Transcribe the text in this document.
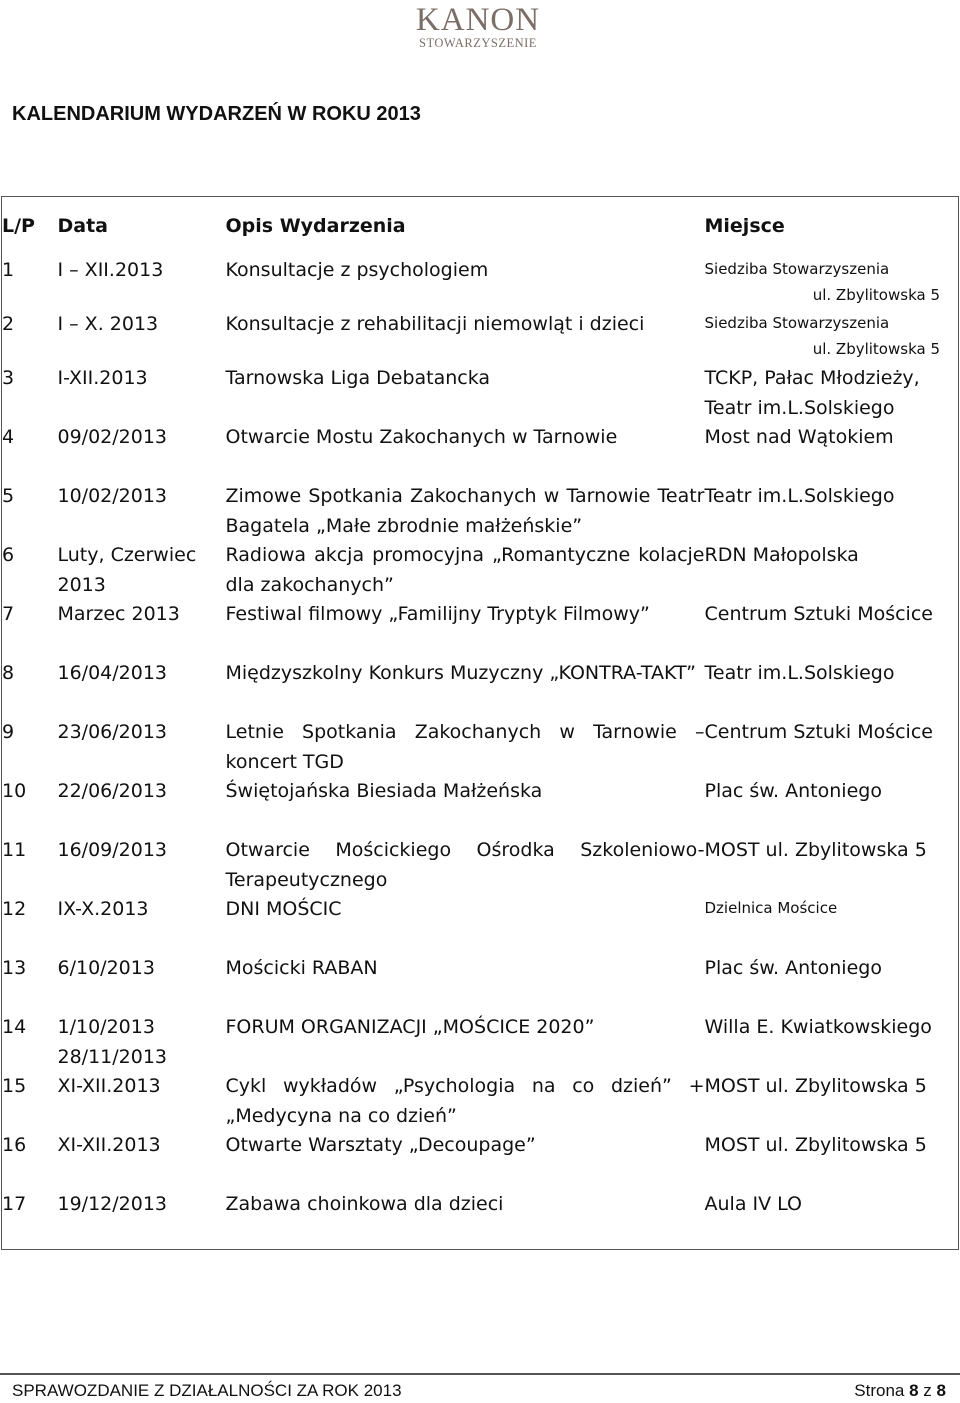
KANON
STOWARZYSZENIE
KALENDARIUM WYDARZEŃ W ROKU 2013
L/P	Data	Opis Wydarzenia	Miejsce
1	I – XII.2013	Konsultacje z psychologiem	Siedziba Stowarzyszenia
ul. Zbylitowska 5

2	I – X. 2013	Konsultacje z rehabilitacji niemowląt i dzieci	Siedziba Stowarzyszenia
ul. Zbylitowska 5

3	I-XII.2013	Tarnowska Liga Debatancka	TCKP, Pałac Młodzieży, Teatr im.L.Solskiego
4	09/02/2013	Otwarcie Mostu Zakochanych w Tarnowie	Most nad Wątokiem
5	10/02/2013	Zimowe Spotkania Zakochanych w Tarnowie Teatr Bagatela „Małe zbrodnie małżeńskie”	Teatr im.L.Solskiego
6	Luty, Czerwiec 2013	Radiowa akcja promocyjna „Romantyczne kolacje dla zakochanych”	RDN Małopolska
7	Marzec 2013	Festiwal filmowy „Familijny Tryptyk Filmowy”	Centrum Sztuki Mościce
8	16/04/2013	Międzyszkolny Konkurs Muzyczny „KONTRA-TAKT”	Teatr im.L.Solskiego
9	23/06/2013	Letnie Spotkania Zakochanych w Tarnowie – koncert TGD	Centrum Sztuki Mościce
10	22/06/2013	Świętojańska Biesiada Małżeńska	Plac św. Antoniego
11	16/09/2013	Otwarcie Mościckiego Ośrodka Szkoleniowo-Terapeutycznego	MOST ul. Zbylitowska 5
12	IX-X.2013	DNI MOŚCIC	Dzielnica Mościce
13	6/10/2013	Mościcki RABAN	Plac św. Antoniego
14	1/10/2013 28/11/2013	FORUM ORGANIZACJI „MOŚCICE 2020”	Willa E. Kwiatkowskiego
15	XI-XII.2013	Cykl wykładów „Psychologia na co dzień” + „Medycyna na co dzień”	MOST ul. Zbylitowska 5
16	XI-XII.2013	Otwarte Warsztaty „Decoupage”	MOST ul. Zbylitowska 5
17	19/12/2013	Zabawa choinkowa dla dzieci	Aula IV LO
SPRAWOZDANIE Z DZIAŁALNOŚCI ZA ROK 2013	Strona 8 z 8
